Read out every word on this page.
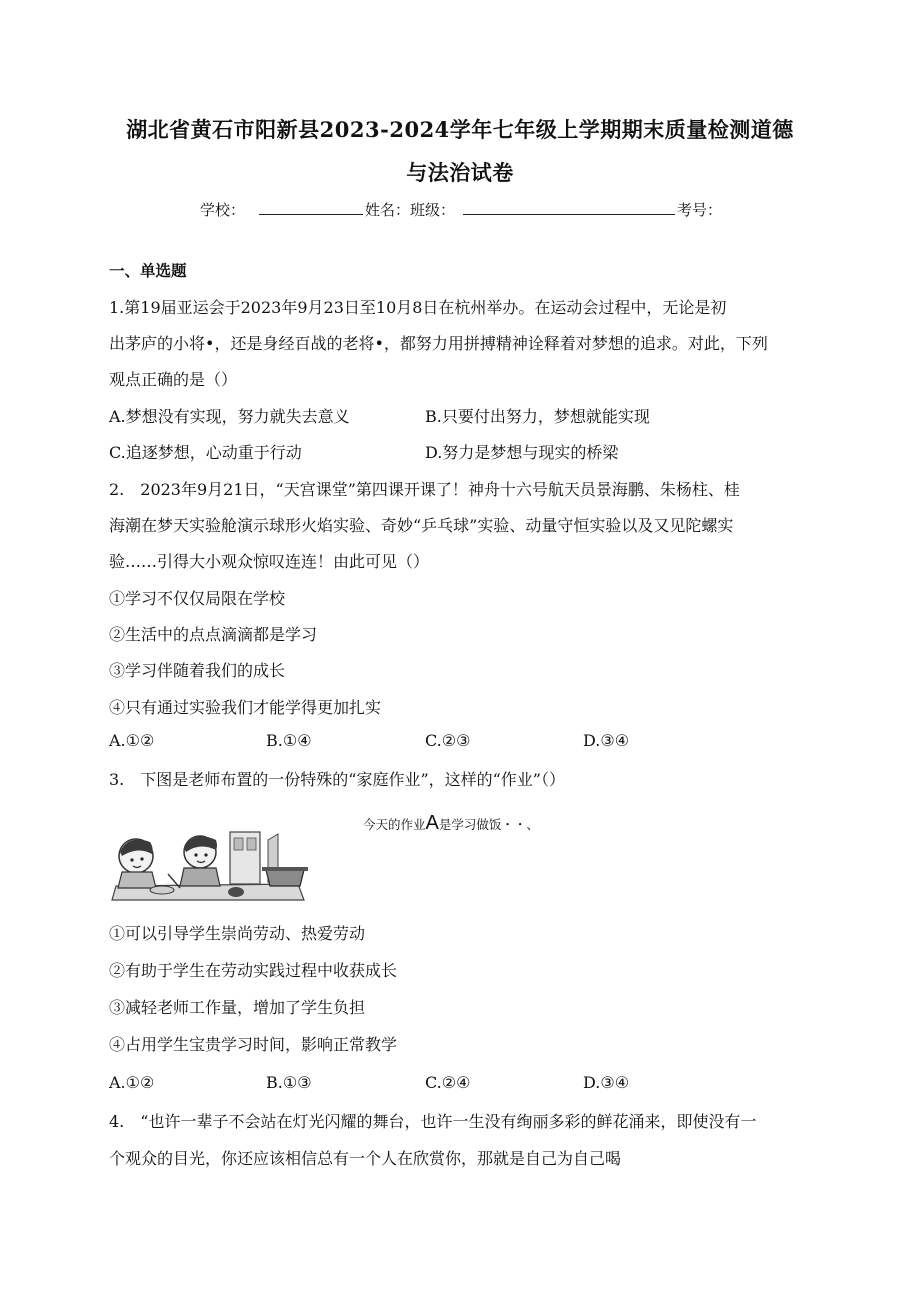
湖北省黄石市阳新县2023-2024学年七年级上学期期末质量检测道德
与法治试卷
学校：	姓名：班级：	考号：
一、单选题
1.第19届亚运会于2023年9月23日至10月8日在杭州举办。在运动会过程中，无论是初
出茅庐的小将•，还是身经百战的老将•，都努力用拼搏精神诠释着对梦想的追求。对此，下列
观点正确的是（）
A.梦想没有实现，努力就失去意义	B.只要付出努力，梦想就能实现
C.追逐梦想，心动重于行动	D.努力是梦想与现实的桥梁
2.　2023年9月21日，“天宫课堂”第四课开课了！神舟十六号航天员景海鹏、朱杨柱、桂
海潮在梦天实验舱演示球形火焰实验、奇妙“乒乓球”实验、动量守恒实验以及又见陀螺实
验……引得大小观众惊叹连连！由此可见（）
①学习不仅仅局限在学校
②生活中的点点滴滴都是学习
③学习伴随着我们的成长
④只有通过实验我们才能学得更加扎实
A.①②	B.①④	C.②③	D.③④
3.　下图是老师布置的一份特殊的“家庭作业”，这样的“作业”（）
今天的作业A是学习做饭・・、
①可以引导学生崇尚劳动、热爱劳动
②有助于学生在劳动实践过程中收获成长
③减轻老师工作量，增加了学生负担
④占用学生宝贵学习时间，影响正常教学
A.①②	B.①③	C.②④	D.③④
4.　“也许一辈子不会站在灯光闪耀的舞台，也许一生没有绚丽多彩的鲜花涌来，即使没有一
个观众的目光，你还应该相信总有一个人在欣赏你，那就是自己为自己喝
